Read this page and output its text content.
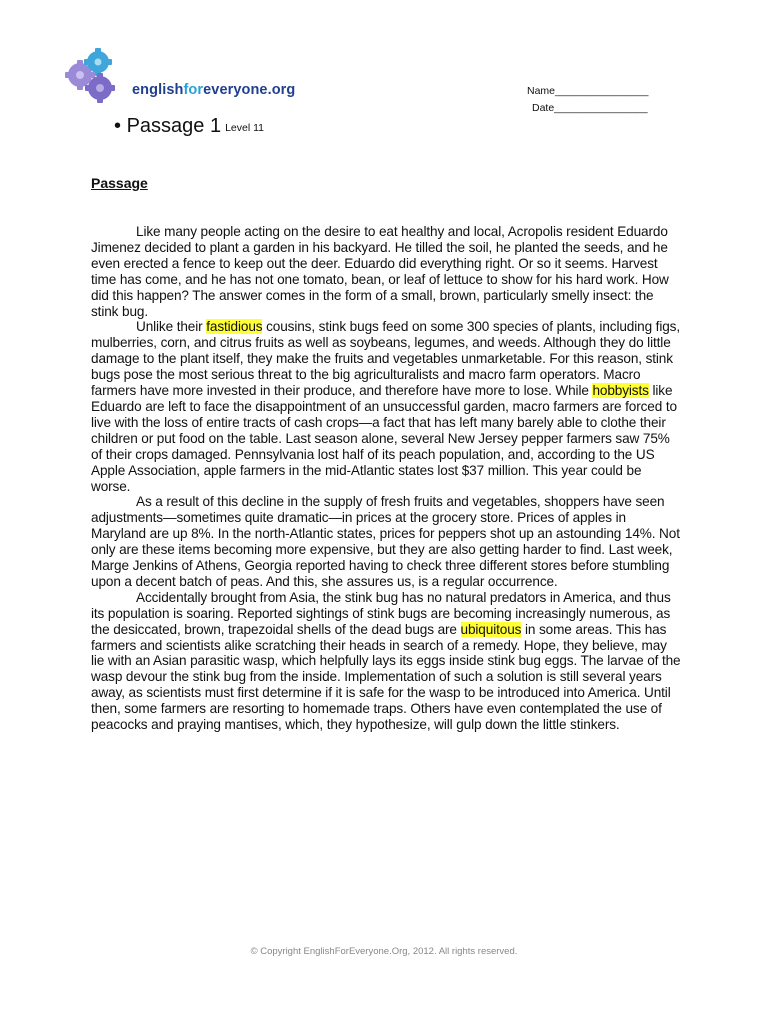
englishforeveryone.org	Name________________
Date________________
• Passage 1 Level 11
Passage

Like many people acting on the desire to eat healthy and local, Acropolis resident Eduardo Jimenez decided to plant a garden in his backyard. He tilled the soil, he planted the seeds, and he even erected a fence to keep out the deer. Eduardo did everything right. Or so it seems. Harvest time has come, and he has not one tomato, bean, or leaf of lettuce to show for his hard work. How did this happen? The answer comes in the form of a small, brown, particularly smelly insect: the stink bug.

Unlike their fastidious cousins, stink bugs feed on some 300 species of plants, including figs, mulberries, corn, and citrus fruits as well as soybeans, legumes, and weeds. Although they do little damage to the plant itself, they make the fruits and vegetables unmarketable. For this reason, stink bugs pose the most serious threat to the big agriculturalists and macro farm operators. Macro farmers have more invested in their produce, and therefore have more to lose. While hobbyists like Eduardo are left to face the disappointment of an unsuccessful garden, macro farmers are forced to live with the loss of entire tracts of cash crops—a fact that has left many barely able to clothe their children or put food on the table. Last season alone, several New Jersey pepper farmers saw 75% of their crops damaged. Pennsylvania lost half of its peach population, and, according to the US Apple Association, apple farmers in the mid-Atlantic states lost $37 million. This year could be worse.

As a result of this decline in the supply of fresh fruits and vegetables, shoppers have seen adjustments—sometimes quite dramatic—in prices at the grocery store. Prices of apples in Maryland are up 8%. In the north-Atlantic states, prices for peppers shot up an astounding 14%. Not only are these items becoming more expensive, but they are also getting harder to find. Last week, Marge Jenkins of Athens, Georgia reported having to check three different stores before stumbling upon a decent batch of peas. And this, she assures us, is a regular occurrence.

Accidentally brought from Asia, the stink bug has no natural predators in America, and thus its population is soaring. Reported sightings of stink bugs are becoming increasingly numerous, as the desiccated, brown, trapezoidal shells of the dead bugs are ubiquitous in some areas. This has farmers and scientists alike scratching their heads in search of a remedy. Hope, they believe, may lie with an Asian parasitic wasp, which helpfully lays its eggs inside stink bug eggs. The larvae of the wasp devour the stink bug from the inside. Implementation of such a solution is still several years away, as scientists must first determine if it is safe for the wasp to be introduced into America. Until then, some farmers are resorting to homemade traps. Others have even contemplated the use of peacocks and praying mantises, which, they hypothesize, will gulp down the little stinkers.

© Copyright EnglishForEveryone.Org, 2012. All rights reserved.
